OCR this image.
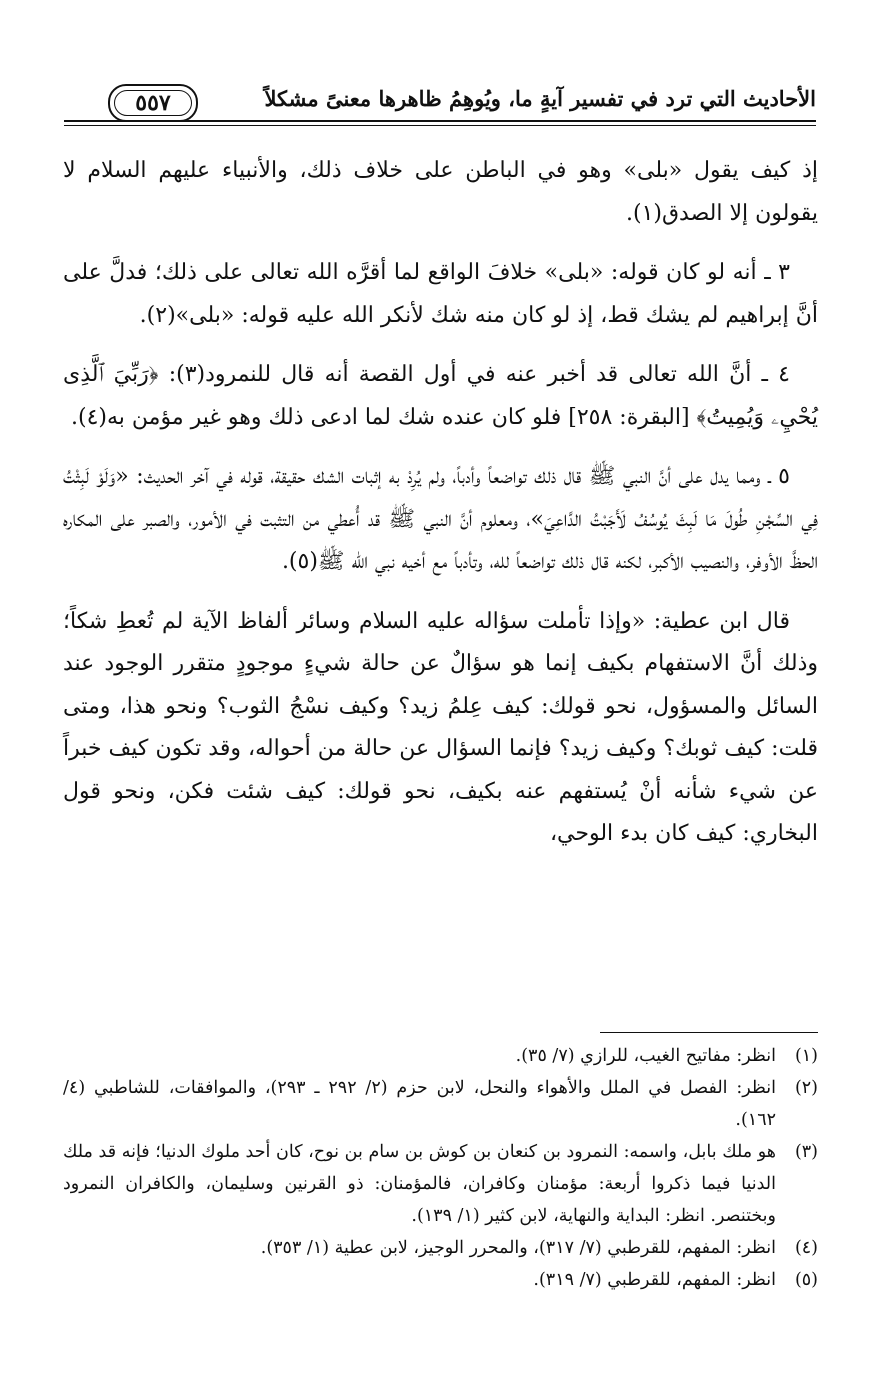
الأحاديث التي ترد في تفسير آيةٍ ما، ويُوهِمُ ظاهرها معنىً مشكلاً
٥٥٧

إذ كيف يقول «بلى» وهو في الباطن على خلاف ذلك، والأنبياء عليهم السلام لا يقولون إلا الصدق(١).

٣ ـ أنه لو كان قوله: «بلى» خلافَ الواقع لما أقرَّه الله تعالى على ذلك؛ فدلَّ على أنَّ إبراهيم لم يشك قط، إذ لو كان منه شك لأنكر الله عليه قوله: «بلى»(٢).

٤ ـ أنَّ الله تعالى قد أخبر عنه في أول القصة أنه قال للنمرود(٣): ﴿رَبِّيَ ٱلَّذِى يُحْيِۦ وَيُمِيتُ﴾ [البقرة: ٢٥٨] فلو كان عنده شك لما ادعى ذلك وهو غير مؤمن به(٤).

٥ ـ ومما يدل على أنَّ النبي ﷺ قال ذلك تواضعاً وأدباً، ولم يُرِدْ به إثبات الشك حقيقة، قوله في آخر الحديث: «وَلَوْ لَبِثْتُ فِي السِّجْنِ طُولَ مَا لَبِثَ يُوسُفُ لَأَجَبْتُ الدَّاعِيَ»، ومعلوم أنَّ النبي ﷺ قد أُعطي من التثبت في الأمور، والصبر على المكاره الحظَّ الأوفر، والنصيب الأكبر، لكنه قال ذلك تواضعاً لله، وتأدباً مع أخيه نبي الله ﷺ(٥).

قال ابن عطية: «وإذا تأملت سؤاله عليه السلام وسائر ألفاظ الآية لم تُعطِ شكاً؛ وذلك أنَّ الاستفهام بكيف إنما هو سؤالٌ عن حالة شيءٍ موجودٍ متقرر الوجود عند السائل والمسؤول، نحو قولك: كيف عِلمُ زيد؟ وكيف نسْجُ الثوب؟ ونحو هذا، ومتى قلت: كيف ثوبك؟ وكيف زيد؟ فإنما السؤال عن حالة من أحواله، وقد تكون كيف خبراً عن شيء شأنه أنْ يُستفهم عنه بكيف، نحو قولك: كيف شئت فكن، ونحو قول البخاري: كيف كان بدء الوحي،

(١)
انظر: مفاتيح الغيب، للرازي (٧/ ٣٥).
(٢)
انظر: الفصل في الملل والأهواء والنحل، لابن حزم (٢/ ٢٩٢ ـ ٢٩٣)، والموافقات، للشاطبي (٤/ ١٦٢).
(٣)
هو ملك بابل، واسمه: النمرود بن كنعان بن كوش بن سام بن نوح، كان أحد ملوك الدنيا؛ فإنه قد ملك الدنيا فيما ذكروا أربعة: مؤمنان وكافران، فالمؤمنان: ذو القرنين وسليمان، والكافران النمرود وبختنصر. انظر: البداية والنهاية، لابن كثير (١/ ١٣٩).
(٤)
انظر: المفهم، للقرطبي (٧/ ٣١٧)، والمحرر الوجيز، لابن عطية (١/ ٣٥٣).
(٥)
انظر: المفهم، للقرطبي (٧/ ٣١٩).
